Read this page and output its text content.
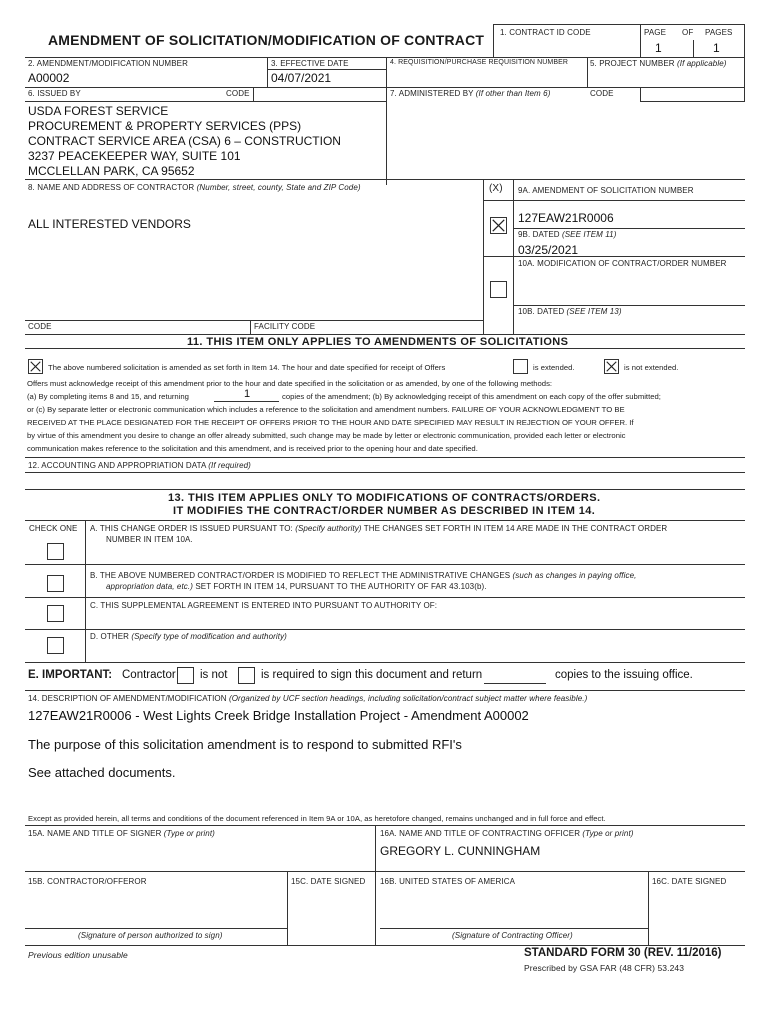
AMENDMENT OF SOLICITATION/MODIFICATION OF CONTRACT 1. CONTRACT ID CODE	PAGE OF PAGES
1	1
2. AMENDMENT/MODIFICATION NUMBER
A00002
3. EFFECTIVE DATE
04/07/2021
4. REQUISITION/PURCHASE REQUISITION NUMBER	5. PROJECT NUMBER (If applicable)
6. ISSUED BY	CODE	7. ADMINISTERED BY (If other than Item 6)	CODE
USDA FOREST SERVICE
PROCUREMENT & PROPERTY SERVICES (PPS)
CONTRACT SERVICE AREA (CSA) 6 – CONSTRUCTION
3237 PEACEKEEPER WAY, SUITE 101
MCCLELLAN PARK, CA 95652
8. NAME AND ADDRESS OF CONTRACTOR (Number, street, county, State and ZIP Code)	(X)
ALL INTERESTED VENDORS
CODE	FACILITY CODE
9A. AMENDMENT OF SOLICITATION NUMBER
127EAW21R0006
9B. DATED (SEE ITEM 11)
03/25/2021
10A. MODIFICATION OF CONTRACT/ORDER NUMBER
10B. DATED (SEE ITEM 13)
11. THIS ITEM ONLY APPLIES TO AMENDMENTS OF SOLICITATIONS
The above numbered solicitation is amended as set forth in Item 14. The hour and date specified for receipt of Offers	is extended.	is not extended.
Offers must acknowledge receipt of this amendment prior to the hour and date specified in the solicitation or as amended, by one of the following methods:
(a) By completing items 8 and 15, and returning	1	copies of the amendment; (b) By acknowledging receipt of this amendment on each copy of the offer submitted;
or (c) By separate letter or electronic communication which includes a reference to the solicitation and amendment numbers. FAILURE OF YOUR ACKNOWLEDGMENT TO BE
RECEIVED AT THE PLACE DESIGNATED FOR THE RECEIPT OF OFFERS PRIOR TO THE HOUR AND DATE SPECIFIED MAY RESULT IN REJECTION OF YOUR OFFER. If
by virtue of this amendment you desire to change an offer already submitted, such change may be made by letter or electronic communication, provided each letter or electronic
communication makes reference to the solicitation and this amendment, and is received prior to the opening hour and date specified.
12. ACCOUNTING AND APPROPRIATION DATA (If required)
13. THIS ITEM APPLIES ONLY TO MODIFICATIONS OF CONTRACTS/ORDERS.
IT MODIFIES THE CONTRACT/ORDER NUMBER AS DESCRIBED IN ITEM 14.
CHECK ONE A. THIS CHANGE ORDER IS ISSUED PURSUANT TO: (Specify authority) THE CHANGES SET FORTH IN ITEM 14 ARE MADE IN THE CONTRACT ORDER
NUMBER IN ITEM 10A.
B. THE ABOVE NUMBERED CONTRACT/ORDER IS MODIFIED TO REFLECT THE ADMINISTRATIVE CHANGES (such as changes in paying office,
appropriation data, etc.) SET FORTH IN ITEM 14, PURSUANT TO THE AUTHORITY OF FAR 43.103(b).
C. THIS SUPPLEMENTAL AGREEMENT IS ENTERED INTO PURSUANT TO AUTHORITY OF:
D. OTHER (Specify type of modification and authority)
E. IMPORTANT: Contractor is not	is required to sign this document and return	copies to the issuing office.
14. DESCRIPTION OF AMENDMENT/MODIFICATION (Organized by UCF section headings, including solicitation/contract subject matter where feasible.)
127EAW21R0006 - West Lights Creek Bridge Installation Project - Amendment A00002
The purpose of this solicitation amendment is to respond to submitted RFI's
See attached documents.
Except as provided herein, all terms and conditions of the document referenced in Item 9A or 10A, as heretofore changed, remains unchanged and in full force and effect.
15A. NAME AND TITLE OF SIGNER (Type or print)	16A. NAME AND TITLE OF CONTRACTING OFFICER (Type or print)
GREGORY L. CUNNINGHAM
15B. CONTRACTOR/OFFEROR	15C. DATE SIGNED 16B. UNITED STATES OF AMERICA	16C. DATE SIGNED
(Signature of person authorized to sign)	(Signature of Contracting Officer)
Previous edition unusable	STANDARD FORM 30 (REV. 11/2016)
Prescribed by GSA FAR (48 CFR) 53.243
